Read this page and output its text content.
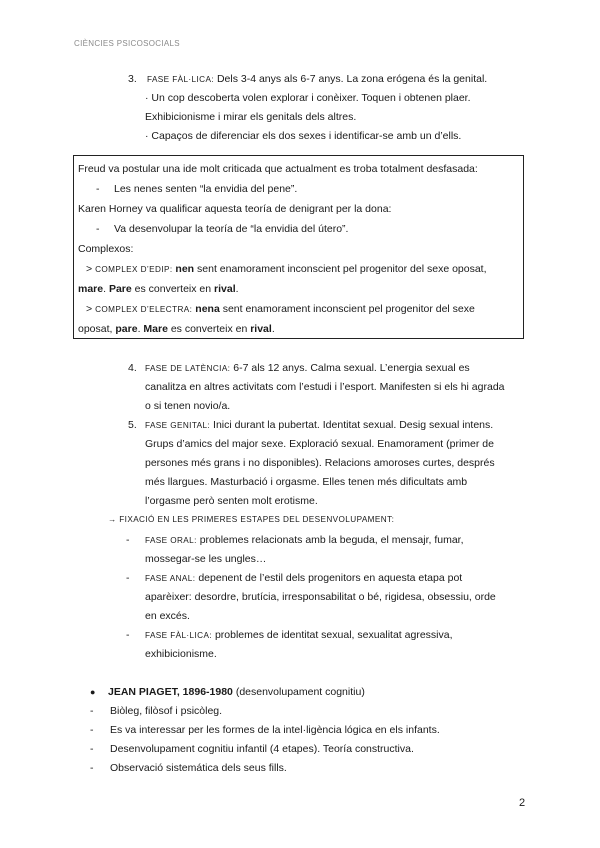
CIÈNCIES PSICOSOCIALS
3. FASE FÀL·LICA: Dels 3-4 anys als 6-7 anys. La zona erógena és la genital.
· Un cop descoberta volen explorar i conèixer. Toquen i obtenen plaer.
Exhibicionisme i mirar els genitals dels altres.
· Capaços de diferenciar els dos sexes i identificar-se amb un d’ells.
Freud va postular una ide molt criticada que actualment es troba totalment desfasada:
- Les nenes senten “la envidia del pene”.
Karen Horney va qualificar aquesta teoría de denigrant per la dona:
- Va desenvolupar la teoría de “la envidia del útero”.
Complexos:
> COMPLEX D’EDIP: nen sent enamorament inconscient pel progenitor del sexe oposat,
mare. Pare es converteix en rival.
> COMPLEX D’ELECTRA: nena sent enamorament inconscient pel progenitor del sexe
oposat, pare. Mare es converteix en rival.
4. FASE DE LATÈNCIA: 6-7 als 12 anys. Calma sexual. L’energia sexual es
canalitza en altres activitats com l’estudi i l’esport. Manifesten si els hi agrada
o si tenen novio/a.
5. FASE GENITAL: Inici durant la pubertat. Identitat sexual. Desig sexual intens.
Grups d’amics del major sexe. Exploració sexual. Enamorament (primer de
persones més grans i no disponibles). Relacions amoroses curtes, després
més llargues. Masturbació i orgasme. Elles tenen més dificultats amb
l’orgasme però senten molt erotisme.
→ FIXACIÓ EN LES PRIMERES ESTAPES DEL DESENVOLUPAMENT:
- FASE ORAL: problemes relacionats amb la beguda, el mensajr, fumar,
mossegar-se les ungles…
- FASE ANAL: depenent de l’estil dels progenitors en aquesta etapa pot
aparèixer: desordre, brutícia, irresponsabilitat o bé, rigidesa, obsessiu, orde
en excés.
- FASE FÀL·LICA: problemes de identitat sexual, sexualitat agressiva,
exhibicionisme.
● JEAN PIAGET, 1896-1980 (desenvolupament cognitiu)
- Biòleg, filòsof i psicòleg.
- Es va interessar per les formes de la intel·ligència lógica en els infants.
- Desenvolupament cognitiu infantil (4 etapes). Teoría constructiva.
- Observació sistemática dels seus fills.
2
